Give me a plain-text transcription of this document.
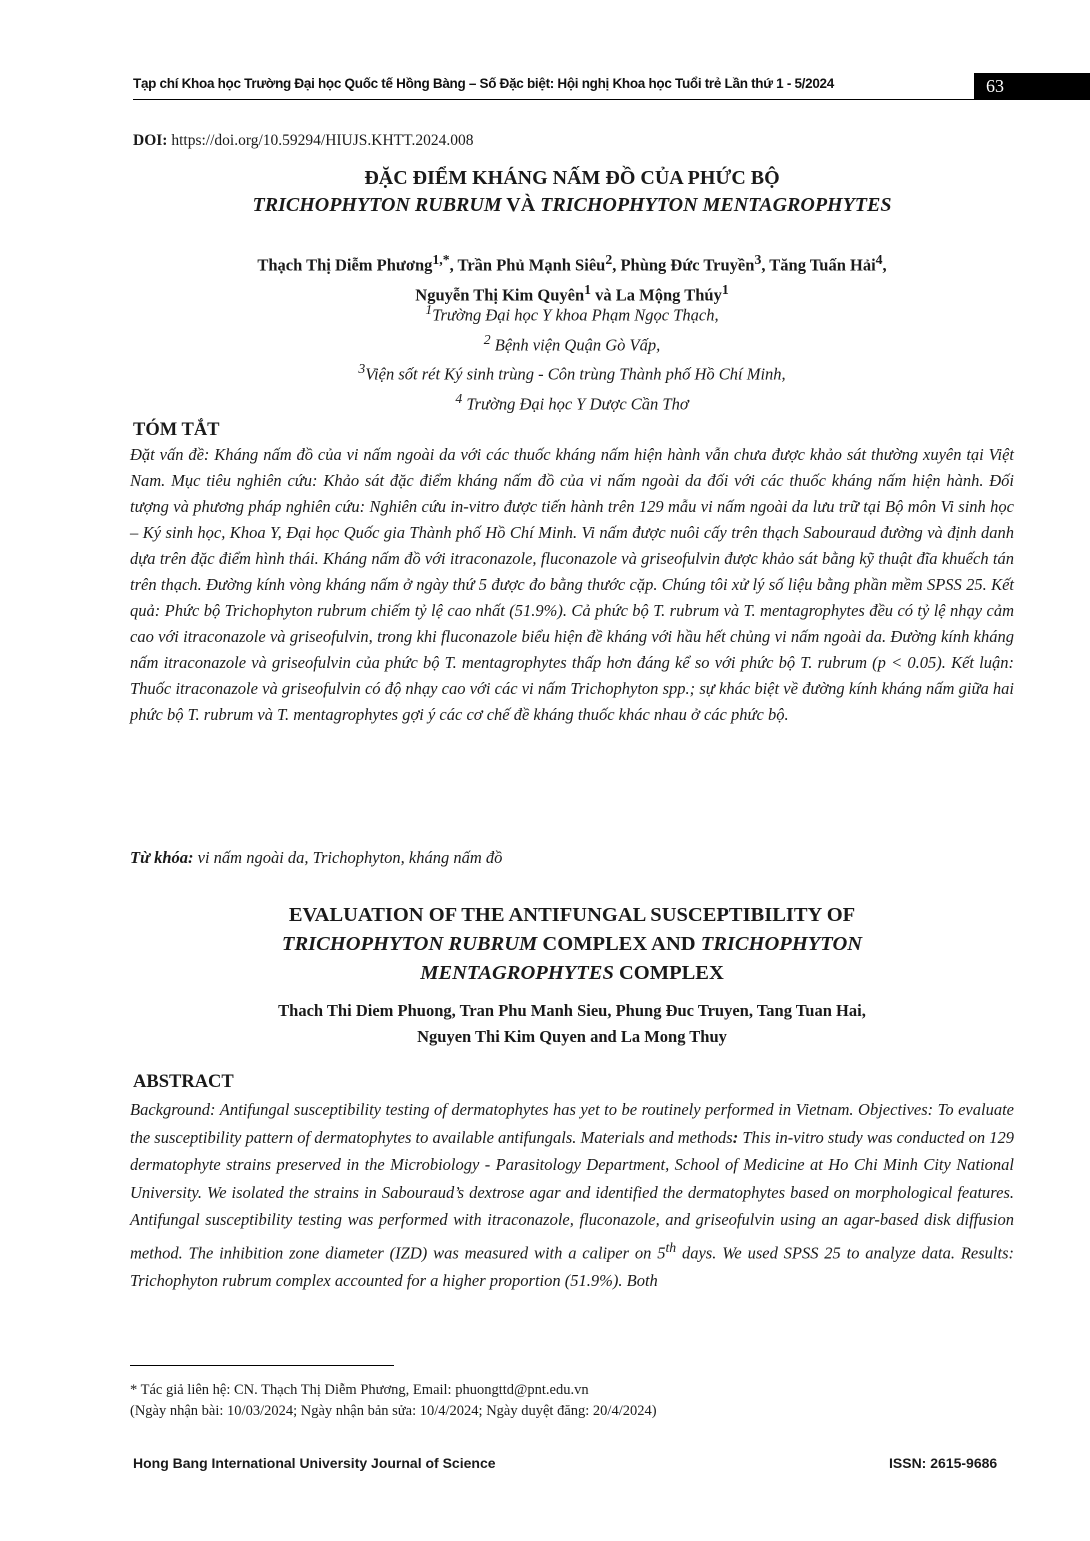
Tạp chí Khoa học Trường Đại học Quốc tế Hồng Bàng – Số Đặc biệt: Hội nghị Khoa học Tuổi trẻ Lần thứ 1 - 5/2024	63
DOI: https://doi.org/10.59294/HIUJS.KHTT.2024.008
ĐẶC ĐIỂM KHÁNG NẤM ĐỒ CỦA PHỨC BỘ
TRICHOPHYTON RUBRUM VÀ TRICHOPHYTON MENTAGROPHYTES
Thạch Thị Diễm Phương$^{1,*}$, Trần Phủ Mạnh Siêu$^2$, Phùng Đức Truyền$^3$, Tăng Tuấn Hải$^4$,
Nguyễn Thị Kim Quyên$^1$ và La Mộng Thúy$^1$
$^1$Trường Đại học Y khoa Phạm Ngọc Thạch,
$^2$ Bệnh viện Quận Gò Vấp,
$^3$Viện sốt rét Ký sinh trùng - Côn trùng Thành phố Hồ Chí Minh,
$^4$ Trường Đại học Y Dược Cần Thơ
TÓM TẮT
Đặt vấn đề: Kháng nấm đồ của vi nấm ngoài da với các thuốc kháng nấm hiện hành vẫn chưa được khảo sát thường xuyên tại Việt Nam. Mục tiêu nghiên cứu: Khảo sát đặc điểm kháng nấm đồ của vi nấm ngoài da đối với các thuốc kháng nấm hiện hành. Đối tượng và phương pháp nghiên cứu: Nghiên cứu in-vitro được tiến hành trên 129 mẫu vi nấm ngoài da lưu trữ tại Bộ môn Vi sinh học – Ký sinh học, Khoa Y, Đại học Quốc gia Thành phố Hồ Chí Minh. Vi nấm được nuôi cấy trên thạch Sabouraud đường và định danh dựa trên đặc điểm hình thái. Kháng nấm đồ với itraconazole, fluconazole và griseofulvin được khảo sát bằng kỹ thuật đĩa khuếch tán trên thạch. Đường kính vòng kháng nấm ở ngày thứ 5 được đo bằng thước cặp. Chúng tôi xử lý số liệu bằng phần mềm SPSS 25. Kết quả: Phức bộ Trichophyton rubrum chiếm tỷ lệ cao nhất (51.9%). Cả phức bộ T. rubrum và T. mentagrophytes đều có tỷ lệ nhạy cảm cao với itraconazole và griseofulvin, trong khi fluconazole biểu hiện đề kháng với hầu hết chủng vi nấm ngoài da. Đường kính kháng nấm itraconazole và griseofulvin của phức bộ T. mentagrophytes thấp hơn đáng kể so với phức bộ T. rubrum (p < 0.05). Kết luận: Thuốc itraconazole và griseofulvin có độ nhạy cao với các vi nấm Trichophyton spp.; sự khác biệt về đường kính kháng nấm giữa hai phức bộ T. rubrum và T. mentagrophytes gợi ý các cơ chế đề kháng thuốc khác nhau ở các phức bộ.
Từ khóa: vi nấm ngoài da, Trichophyton, kháng nấm đồ
EVALUATION OF THE ANTIFUNGAL SUSCEPTIBILITY OF
TRICHOPHYTON RUBRUM COMPLEX AND TRICHOPHYTON
MENTAGROPHYTES COMPLEX
Thach Thi Diem Phuong, Tran Phu Manh Sieu, Phung Đuc Truyen, Tang Tuan Hai,
Nguyen Thi Kim Quyen and La Mong Thuy
ABSTRACT
Background: Antifungal susceptibility testing of dermatophytes has yet to be routinely performed in Vietnam. Objectives: To evaluate the susceptibility pattern of dermatophytes to available antifungals. Materials and methods: This in-vitro study was conducted on 129 dermatophyte strains preserved in the Microbiology - Parasitology Department, School of Medicine at Ho Chi Minh City National University. We isolated the strains in Sabouraud’s dextrose agar and identified the dermatophytes based on morphological features. Antifungal susceptibility testing was performed with itraconazole, fluconazole, and griseofulvin using an agar-based disk diffusion method. The inhibition zone diameter (IZD) was measured with a caliper on 5th days. We used SPSS 25 to analyze data. Results: Trichophyton rubrum complex accounted for a higher proportion (51.9%). Both
* Tác giả liên hệ: CN. Thạch Thị Diễm Phương, Email: phuongttd@pnt.edu.vn
(Ngày nhận bài: 10/03/2024; Ngày nhận bản sửa: 10/4/2024; Ngày duyệt đăng: 20/4/2024)
Hong Bang International University Journal of Science	ISSN: 2615-9686
